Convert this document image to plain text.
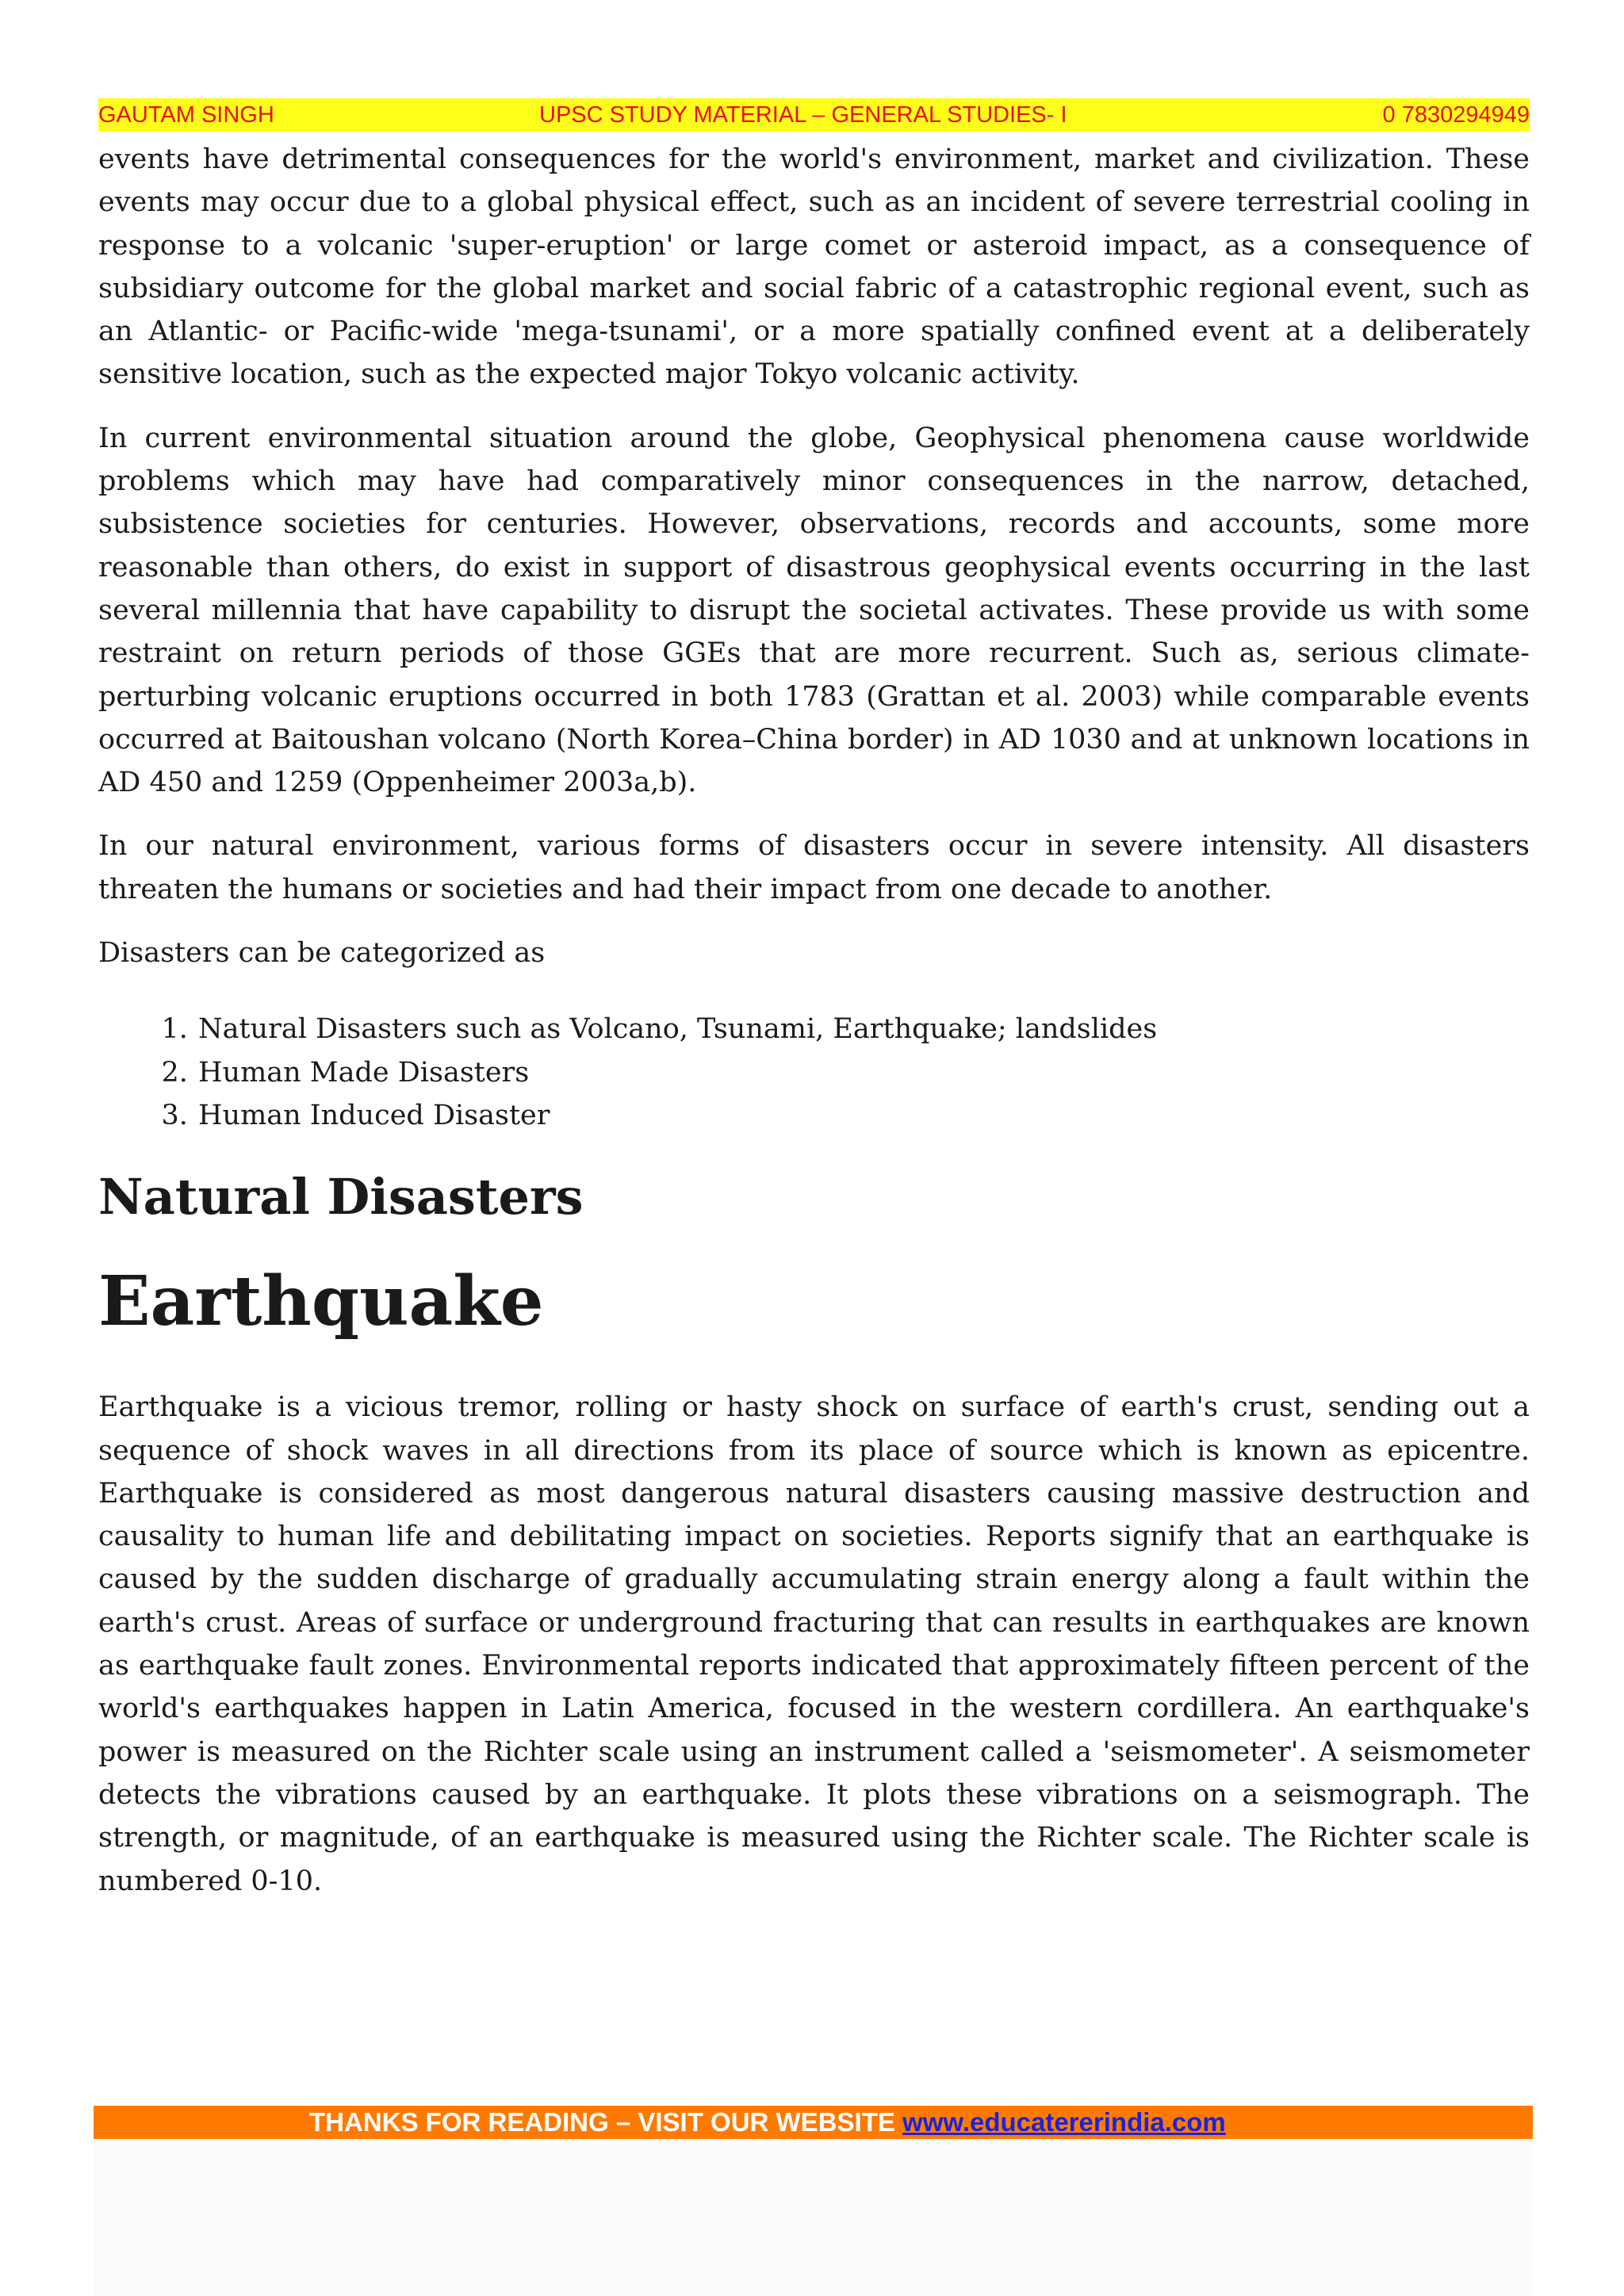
GAUTAM SINGH	UPSC STUDY MATERIAL – GENERAL STUDIES- I	0 7830294949

events have detrimental consequences for the world's environment, market and civilization. These events may occur due to a global physical effect, such as an incident of severe terrestrial cooling in response to a volcanic 'super-eruption' or large comet or asteroid impact, as a consequence of subsidiary outcome for the global market and social fabric of a catastrophic regional event, such as an Atlantic- or Pacific-wide 'mega-tsunami', or a more spatially confined event at a deliberately sensitive location, such as the expected major Tokyo volcanic activity.

In current environmental situation around the globe, Geophysical phenomena cause worldwide problems which may have had comparatively minor consequences in the narrow, detached, subsistence societies for centuries. However, observations, records and accounts, some more reasonable than others, do exist in support of disastrous geophysical events occurring in the last several millennia that have capability to disrupt the societal activates. These provide us with some restraint on return periods of those GGEs that are more recurrent. Such as, serious climate-perturbing volcanic eruptions occurred in both 1783 (Grattan et al. 2003) while comparable events occurred at Baitoushan volcano (North Korea–China border) in AD 1030 and at unknown locations in AD 450 and 1259 (Oppenheimer 2003a,b).

In our natural environment, various forms of disasters occur in severe intensity. All disasters threaten the humans or societies and had their impact from one decade to another.

Disasters can be categorized as

1. Natural Disasters such as Volcano, Tsunami, Earthquake; landslides
2. Human Made Disasters
3. Human Induced Disaster
Natural Disasters
Earthquake

Earthquake is a vicious tremor, rolling or hasty shock on surface of earth's crust, sending out a sequence of shock waves in all directions from its place of source which is known as epicentre. Earthquake is considered as most dangerous natural disasters causing massive destruction and causality to human life and debilitating impact on societies. Reports signify that an earthquake is caused by the sudden discharge of gradually accumulating strain energy along a fault within the earth's crust. Areas of surface or underground fracturing that can results in earthquakes are known as earthquake fault zones. Environmental reports indicated that approximately fifteen percent of the world's earthquakes happen in Latin America, focused in the western cordillera. An earthquake's power is measured on the Richter scale using an instrument called a 'seismometer'. A seismometer detects the vibrations caused by an earthquake. It plots these vibrations on a seismograph. The strength, or magnitude, of an earthquake is measured using the Richter scale. The Richter scale is numbered 0-10.

THANKS FOR READING – VISIT OUR WEBSITE www.educatererindia.com
